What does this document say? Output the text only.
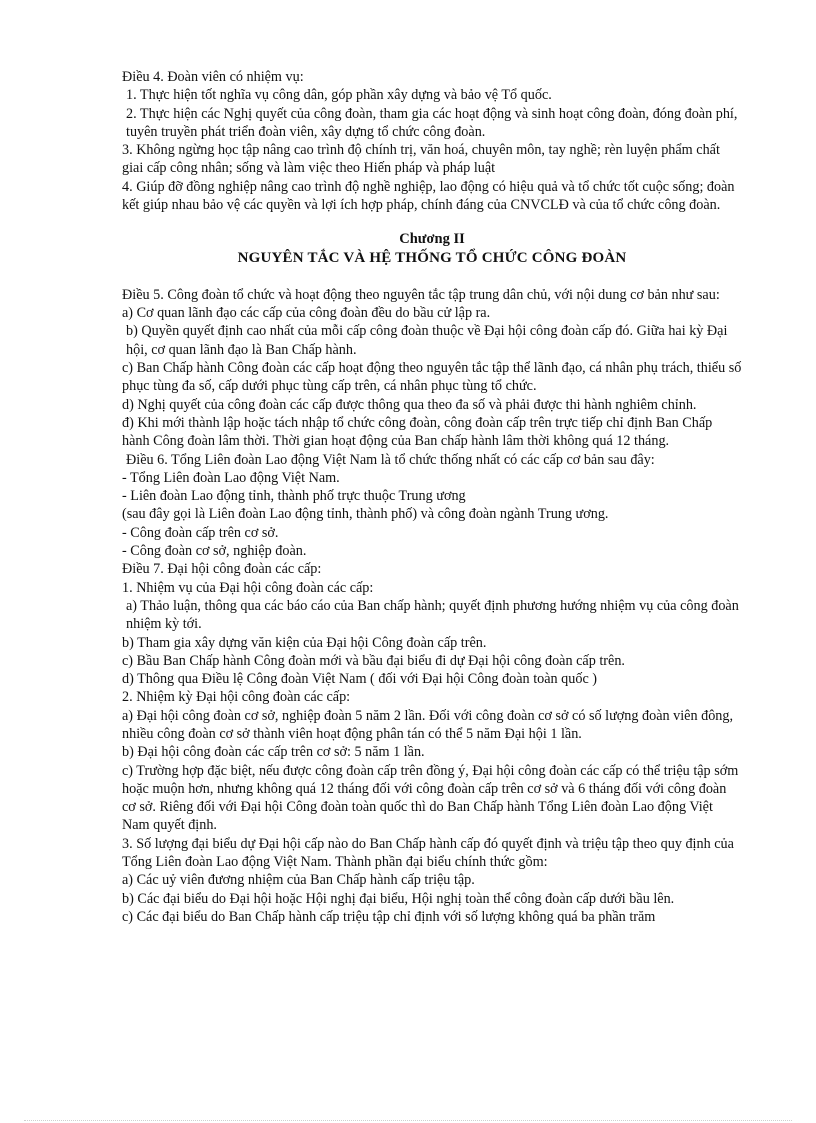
Điều 4. Đoàn viên có nhiệm vụ:

1. Thực hiện tốt nghĩa vụ công dân, góp phần xây dựng và bảo vệ Tổ quốc.

2. Thực hiện các Nghị quyết của công đoàn, tham gia các hoạt động và sinh hoạt công đoàn, đóng đoàn phí, tuyên truyền phát triển đoàn viên, xây dựng tổ chức công đoàn.

3. Không ngừng học tập nâng cao trình độ chính trị, văn hoá, chuyên môn, tay nghề; rèn luyện phẩm chất giai cấp công nhân; sống và làm việc theo Hiến pháp và pháp luật

4. Giúp đỡ đồng nghiệp nâng cao trình độ nghề nghiệp, lao động có hiệu quả và tổ chức tốt cuộc sống; đoàn kết giúp nhau bảo vệ các quyền và lợi ích hợp pháp, chính đáng của CNVCLĐ và của tổ chức công đoàn.

Chương II

NGUYÊN TẮC VÀ HỆ THỐNG TỔ CHỨC CÔNG ĐOÀN

Điều 5. Công đoàn tổ chức và hoạt động theo nguyên tắc tập trung dân chủ, với nội dung cơ bản như sau:

a) Cơ quan lãnh đạo các cấp của công đoàn đều do bầu cử lập ra.

b) Quyền quyết định cao nhất của mỗi cấp công đoàn thuộc về Đại hội công đoàn cấp đó. Giữa hai kỳ Đại hội, cơ quan lãnh đạo là Ban Chấp hành.

c) Ban Chấp hành Công đoàn các cấp hoạt động theo nguyên tắc tập thể lãnh đạo, cá nhân phụ trách, thiểu số phục tùng đa số, cấp dưới phục tùng cấp trên, cá nhân phục tùng tổ chức.

d) Nghị quyết của công đoàn các cấp được thông qua theo đa số và phải được thi hành nghiêm chỉnh.

đ) Khi mới thành lập hoặc tách nhập tổ chức công đoàn, công đoàn cấp trên trực tiếp chỉ định Ban Chấp hành Công đoàn lâm thời. Thời gian hoạt động của Ban chấp hành lâm thời không quá 12 tháng.

Điều 6. Tổng Liên đoàn Lao động Việt Nam là tổ chức thống nhất có các cấp cơ bản sau đây:

- Tổng Liên đoàn Lao động Việt Nam.

- Liên đoàn Lao động tỉnh, thành phố trực thuộc Trung ương

(sau đây gọi là Liên đoàn Lao động tỉnh, thành phố) và công đoàn ngành Trung ương.

- Công đoàn cấp trên cơ sở.

- Công đoàn cơ sở, nghiệp đoàn.

Điều 7. Đại hội công đoàn các cấp:

1. Nhiệm vụ của Đại hội công đoàn các cấp:

a) Thảo luận, thông qua các báo cáo của Ban chấp hành; quyết định phương hướng nhiệm vụ của công đoàn nhiệm kỳ tới.

b) Tham gia xây dựng văn kiện của Đại hội Công đoàn cấp trên.

c) Bầu Ban Chấp hành Công đoàn mới và bầu đại biểu đi dự Đại hội công đoàn cấp trên.

d) Thông qua Điều lệ Công đoàn Việt Nam ( đối với Đại hội Công đoàn toàn quốc )

2. Nhiệm kỳ Đại hội công đoàn các cấp:

a) Đại hội công đoàn cơ sở, nghiệp đoàn 5 năm 2 lần. Đối với công đoàn cơ sở có số lượng đoàn viên đông, nhiều công đoàn cơ sở thành viên hoạt động phân tán có thể 5 năm Đại hội 1 lần.

b) Đại hội công đoàn các cấp trên cơ sở: 5 năm 1 lần.

c) Trường hợp đặc biệt, nếu được công đoàn cấp trên đồng ý, Đại hội công đoàn các cấp có thể triệu tập sớm hoặc muộn hơn, nhưng không quá 12 tháng đối với công đoàn cấp trên cơ sở và 6 tháng đối với công đoàn cơ sở. Riêng đối với Đại hội Công đoàn toàn quốc thì do Ban Chấp hành Tổng Liên đoàn Lao động Việt Nam quyết định.

3. Số lượng đại biểu dự Đại hội cấp nào do Ban Chấp hành cấp đó quyết định và triệu tập theo quy định của Tổng Liên đoàn Lao động Việt Nam. Thành phần đại biểu chính thức gồm:

a) Các uỷ viên đương nhiệm của Ban Chấp hành cấp triệu tập.

b) Các đại biểu do Đại hội hoặc Hội nghị đại biểu, Hội nghị toàn thể công đoàn cấp dưới bầu lên.

c) Các đại biểu do Ban Chấp hành cấp triệu tập chỉ định với số lượng không quá ba phần trăm
